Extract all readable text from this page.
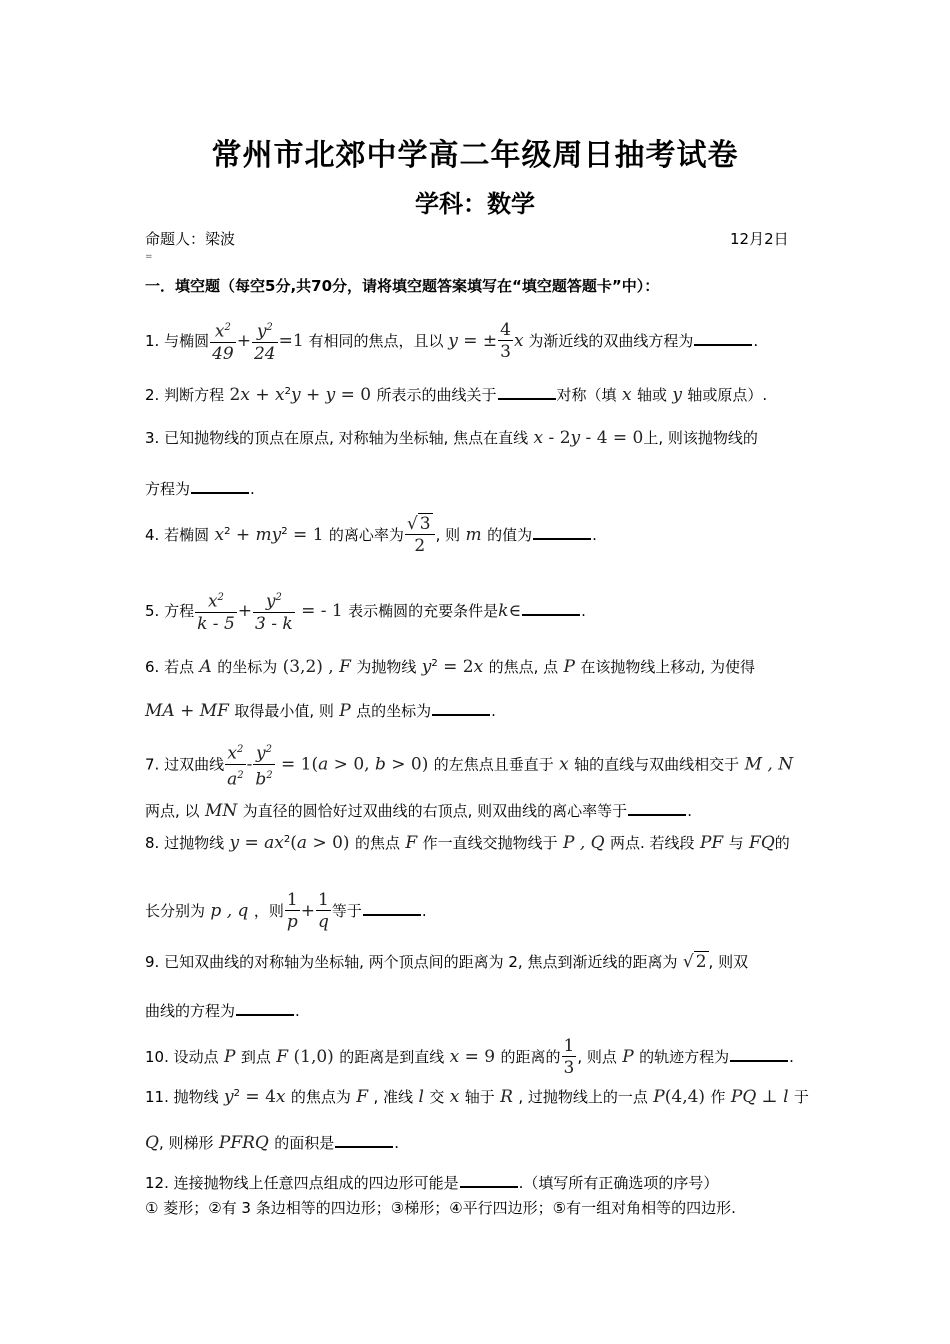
常州市北郊中学高二年级周日抽考试卷
学科：数学
命题人：梁波	12月2日
=
一．填空题（每空5分,共70分，请将填空题答案填写在“填空题答题卡”中）：
1. 与椭圆 $\frac{x^2}{49} + \frac{y^2}{24} =1$ 有相同的焦点，且以 y = ± $\frac{4}{3}$ x 为渐近线的双曲线方程为	.
2. 判断方程 $2x + x^2y + y = 0$ 所表示的曲线关于	对称（填 x 轴或 y 轴或原点）.
3. 已知抛物线的顶点在原点, 对称轴为坐标轴, 焦点在直线 x - 2y - 4 = 0上, 则该抛物线的
方程为	.
4. 若椭圆 $x^2 + my^2 = 1$ 的离心率为 $\frac{√ 3}{2}$ , 则 m 的值为	.
5. 方程 $\frac{x^2}{k - 5} + \frac{y^2}{3 - k}$ = - 1 表示椭圆的充要条件是k∈	.
6. 若点 A 的坐标为 (3,2) , F 为抛物线 $y^2 = 2x$ 的焦点, 点 P 在该抛物线上移动, 为使得
MA + MF 取得最小值, 则 P 点的坐标为	.
7. 过双曲线 $\frac{x^2}{a^2} - \frac{y^2}{b^2} = 1(a > 0$, b > 0) 的左焦点且垂直于 x 轴的直线与双曲线相交于 M , N
两点, 以 MN 为直径的圆恰好过双曲线的右顶点, 则双曲线的离心率等于	.
8. 过抛物线 $y = ax^2(a > 0)$ 的焦点 F 作一直线交抛物线于 P , Q 两点. 若线段 PF 与 FQ的
长分别为 p , q ，则 $\frac{1}{p} + \frac{1}{q}$ 等于	.
9. 已知双曲线的对称轴为坐标轴, 两个顶点间的距离为 2, 焦点到渐近线的距离为 √ 2 , 则双
曲线的方程为	.
10. 设动点 P 到点 F (1,0) 的距离是到直线 x = 9 的距离的 $\frac{1}{3}$ , 则点 P 的轨迹方程为	.
11. 抛物线 $y^2 = 4x$ 的焦点为 F , 准线 l 交 x 轴于 R , 过抛物线上的一点 P(4,4) 作 PQ ⊥ l 于
Q, 则梯形 PFRQ 的面积是	.
12. 连接抛物线上任意四点组成的四边形可能是	.（填写所有正确选项的序号）
① 菱形；②有 3 条边相等的四边形；③梯形；④平行四边形；⑤有一组对角相等的四边形.
